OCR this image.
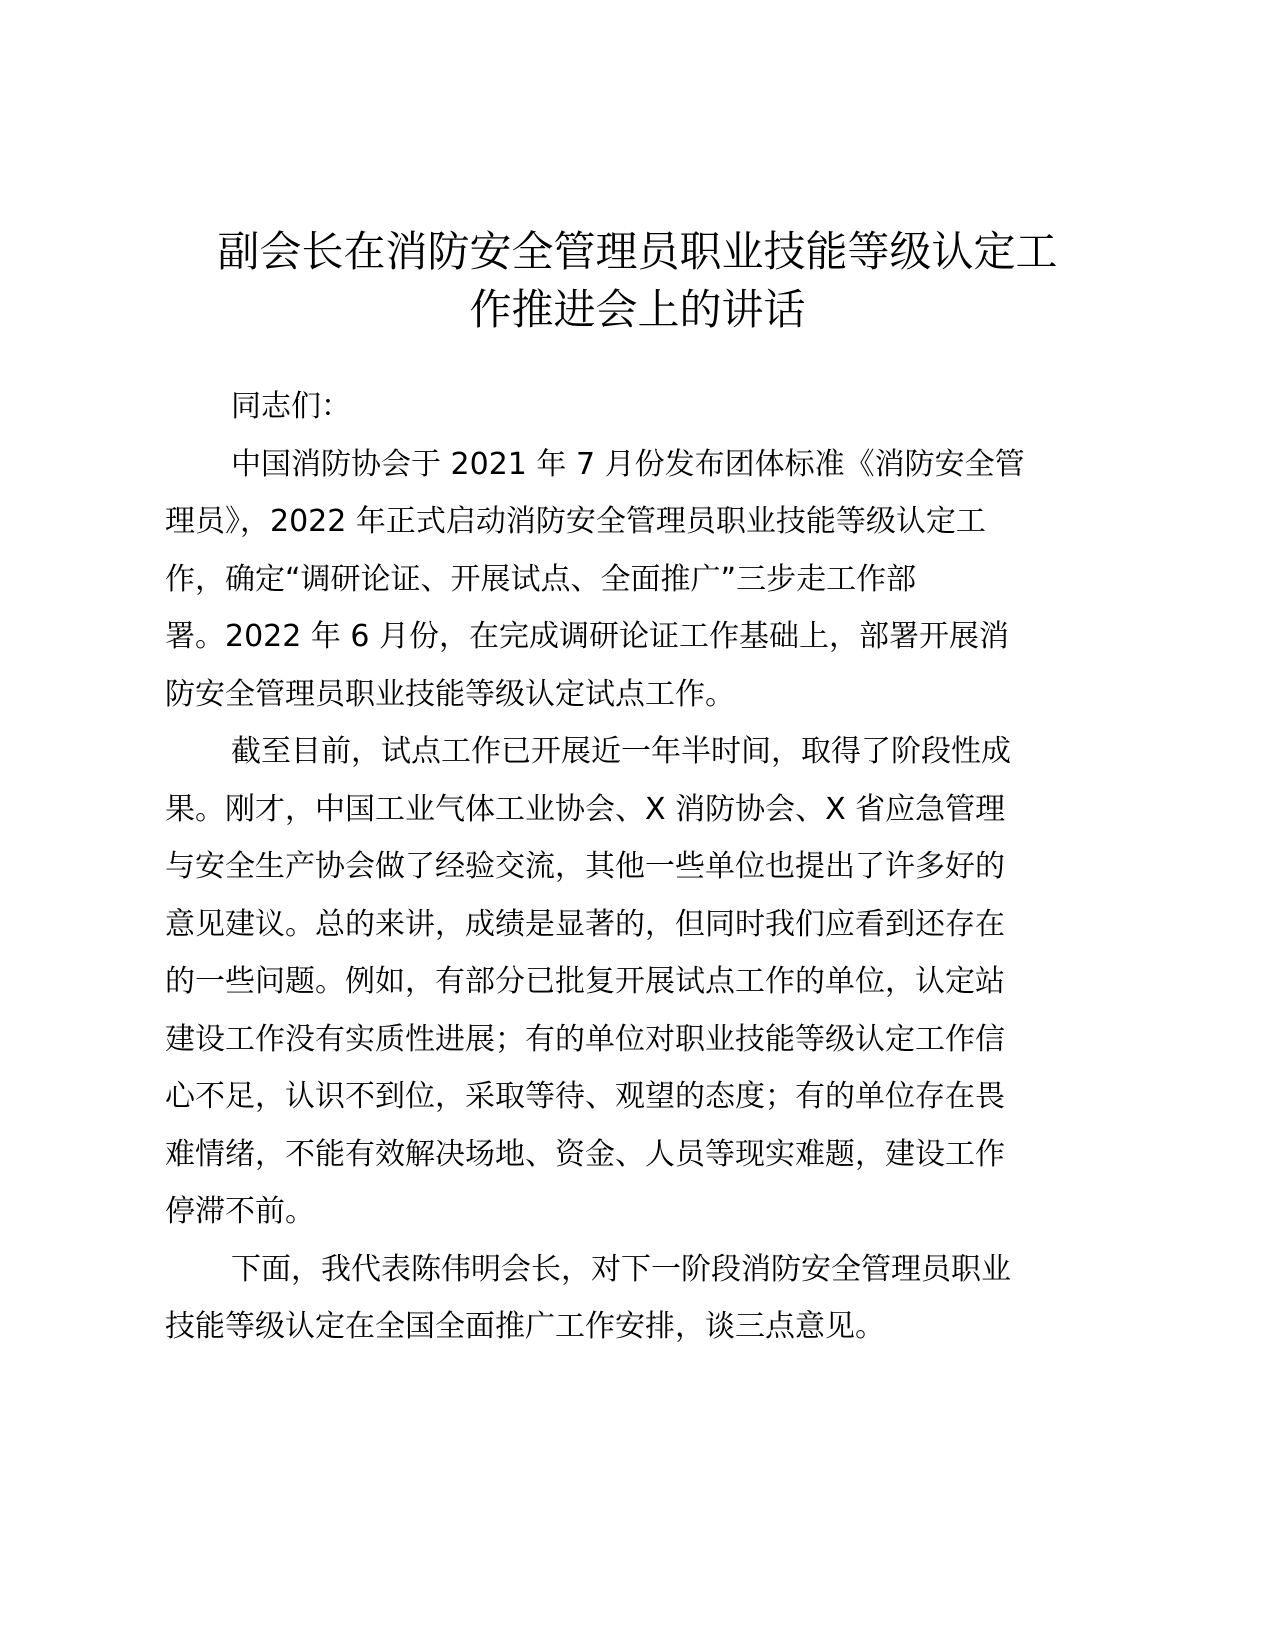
副会长在消防安全管理员职业技能等级认定工
作推进会上的讲话

同志们：

中国消防协会于 2021 年 7 月份发布团体标准《消防安全管
理员》，2022 年正式启动消防安全管理员职业技能等级认定工
作，确定“调研论证、开展试点、全面推广”三步走工作部
署。2022 年 6 月份，在完成调研论证工作基础上，部署开展消
防安全管理员职业技能等级认定试点工作。

截至目前，试点工作已开展近一年半时间，取得了阶段性成
果。刚才，中国工业气体工业协会、X 消防协会、X 省应急管理
与安全生产协会做了经验交流，其他一些单位也提出了许多好的
意见建议。总的来讲，成绩是显著的，但同时我们应看到还存在
的一些问题。例如，有部分已批复开展试点工作的单位，认定站
建设工作没有实质性进展；有的单位对职业技能等级认定工作信
心不足，认识不到位，采取等待、观望的态度；有的单位存在畏
难情绪，不能有效解决场地、资金、人员等现实难题，建设工作
停滞不前。

下面，我代表陈伟明会长，对下一阶段消防安全管理员职业
技能等级认定在全国全面推广工作安排，谈三点意见。
